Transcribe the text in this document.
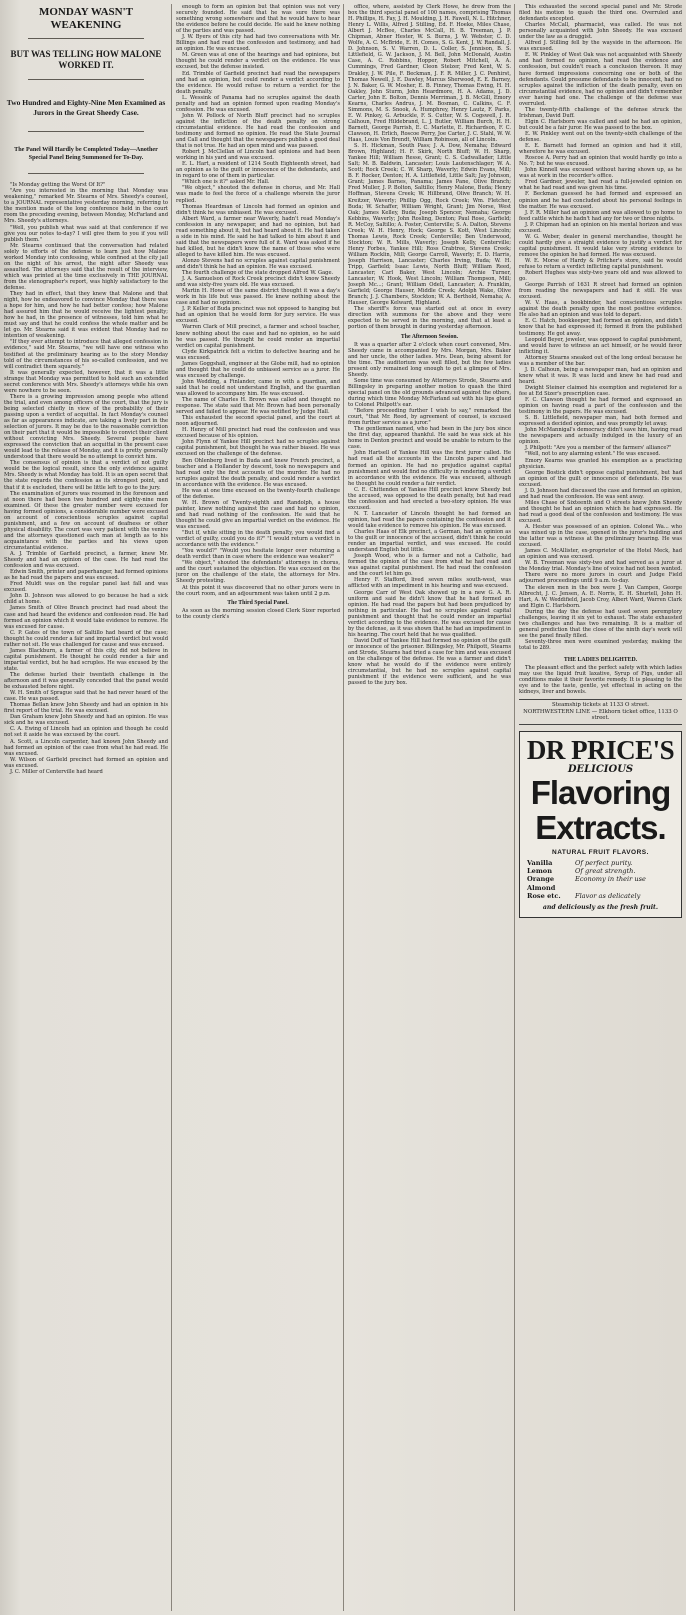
MONDAY WASN'T WEAKENING
BUT WAS TELLING HOW MALONE WORKED IT.
Two Hundred and Eighty-Nine Men Examined as Jurors in the Great Sheedy Case.
The Panel Will Hardly be Completed Today—Another Special Panel Being Summoned for To-Day.

"Is Monday getting the Worst Of It?"

"Are you interested in the morning that Monday was weakening," remarked Mr. Stearns of Mrs. Sheedy's counsel, to a JOURNAL representative yesterday morning, referring to the mention made of the long conference held in the court room the preceding evening, between Monday, McFarland and Mrs. Sheedy's attorneys.

"Well, you publish what was said at that conference if we give you our notes to-day? I will give them to you if you will publish them."

Mr. Stearns continued that the conversation had related solely to efforts of the defense to learn just how Malone worked Monday into confessing, while confined at the city jail on the night of his arrest, the night after Sheedy was assaulted. The attorneys said that the result of the interview, which was printed at the time exclusively in THE JOURNAL from the stenographer's report, was highly satisfactory to the defense.

They had in effect, that they knew that Malone and that night, how he endeavored to convince Monday that there was a hope for him, and how he had better confess; how Malone had assured him that he would receive the lightest penalty; how he had, in the presence of witnesses, told him what he must say and that he could confess the whole matter and be let go. Mr. Stearns said it was evident that Monday had no intention of weakening.

"If they ever attempt to introduce that alleged confession in evidence," said Mr. Stearns, "we will have one witness who testified at the preliminary hearing as to the story Monday told of the circumstances of his so-called confession, and we will contradict them squarely."

It was generally expected, however, that it was a little strange that Monday was permitted to hold such an extended secret conference with Mrs. Sheedy's attorneys while his own were nowhere to be seen.

There is a growing impression among people who attend the trial, and even among officers of the court, that the jury is being selected chiefly in view of the probability of their passing upon a verdict of acquittal. In fact Monday's counsel as far as appearances indicate, are taking a lively part in the selection of jurors. It may be due to the reasonable conviction on their part that it would be impossible to convict their client without convicting Mrs. Sheedy. Several people have expressed the conviction that an acquittal in the present case would lead to the release of Monday, and it is pretty generally understood that there would be no attempt to convict him.

The consensus of opinion is that a verdict of not guilty would be the logical result, since the only evidence against Mrs. Sheedy is what Monday has told. It is an open secret that the state regards the confession as its strongest point, and that if it is excluded, there will be little left to go to the jury.

The examination of jurors was resumed in the forenoon and at noon there had been two hundred and eighty-nine men examined. Of these the greater number were excused for having formed opinions, a considerable number were excused on account of conscientious scruples against capital punishment, and a few on account of deafness or other physical disability. The court was very patient with the venire and the attorneys questioned each man at length as to his acquaintance with the parties and his views upon circumstantial evidence.

A. J. Trimble of Garfield precinct, a farmer, knew Mr. Sheedy and had an opinion of the case. He had read the confession and was excused.

Edwin Smith, printer and paperhanger, had formed opinions as he had read the papers and was excused.

Fred Muldt was on the regular panel last fall and was excused.

John D. Johnson was allowed to go because he had a sick child at home.

James Smith of Olive Branch precinct had read about the case and had heard the evidence and confession read. He had formed an opinion which it would take evidence to remove. He was excused for cause.

C. P. Gates of the town of Saltillo had heard of the case; thought he could render a fair and impartial verdict but would rather not sit. He was challenged for cause and was excused.

James Blackburn, a farmer of this city, did not believe in capital punishment. He thought he could render a fair and impartial verdict, but he had scruples. He was excused by the state.

The defense hurled their twentieth challenge in the afternoon and it was generally conceded that the panel would be exhausted before night.

W. H. Smith of Sprague said that he had never heard of the case. He was passed.

Thomas Bellan knew John Sheedy and had an opinion in his first report of the trial. He was excused.

Dan Graham knew John Sheedy and had an opinion. He was sick and he was excused.

C. A. Ewing of Lincoln had an opinion and though he could not set it aside he was excused by the court.

A. Scott, a Lincoln carpenter, had known John Sheedy and had formed an opinion of the case from what he had read. He was excused.

W. Wilson of Garfield precinct had formed an opinion and was excused.

J. C. Miller of Centerville had heard

enough to form an opinion but that opinion was not very securely founded. He said that he was sure there was something wrong somewhere and that he would have to hear the evidence before he could decide. He said he knew nothing of the parties and was passed.

J. W. Byers of this city had had two conversations with Mr. Billings and had read the confession and testimony, and had an opinion. He was excused.

M. Green was at one of the hearings and had opinions, but thought he could render a verdict on the evidence. He was excused, but the defense insisted.

Ed. Trimble of Garfield precinct had read the newspapers and had an opinion, but could render a verdict according to the evidence. He would refuse to return a verdict for the death penalty.

L. Wessink of Panama had no scruples against the death penalty and had an opinion formed upon reading Monday's confession. He was excused.

John W. Pollock of North Bluff precinct had no scruples against the infliction of the death penalty on strong circumstantial evidence. He had read the confession and testimony and formed no opinion. He read the State Journal and Call and thought that the newspapers publish a good deal that is not true. He had an open mind and was passed.

Robert J. McClellan of Lincoln had opinions and had been working in his yard and was excused.

E. L. Hart, a resident of 1214 South Eighteenth street, had an opinion as to the guilt or innocence of the defendants, and in regard to one of them in particular.

"Which one is it?" asked Mr. Hall.

"We object," shouted the defense in chorus, and Mr. Hall was made to feel the force of a challenge wherein the juror replied.

Thomas Heardman of Lincoln had formed an opinion and didn't think he was unbiased. He was excused.

Albert Ward, a farmer near Waverly, hadn't read Monday's confession in any newspaper, and had no opinion, but had read something about it, but had heard about it. He had taken a side in his mind. He said he had talked to him about it and said that the newspapers were full of it. Ward was asked if he had killed, but he didn't know the name of those who were alleged to have killed him. He was excused.

Alonzo Stevens had no scruples against capital punishment and didn't think he had an opinion. He was excused.

The fourth challenge of the state dropped Alfred W. Gage.

J. A. Samuelson of Rock Creek precinct didn't know Sheedy and was sixty-five years old. He was excused.

Martin H. Howe of the same district thought it was a day's work in his life but was passed. He knew nothing about the case and had no opinion.

J. P. Keller of Buda precinct was not opposed to hanging but had an opinion that he would form for jury service. He was excused.

Warren Clark of Mill precinct, a farmer and school teacher, knew nothing about the case and had no opinion, so he said he was passed. He thought he could render an impartial verdict on capital punishment.

Clyde Kirkpatrick felt a victim to defective hearing and he was excused.

James Goggshall, engineer at the Globe mill, had no opinion and thought that he could do unbiased service as a juror. He was excused by challenge.

John Wedding, a Finlander, came in with a guardian, and said that he could not understand English, and the guardian was allowed to accompany him. He was excused.

The name of Charles H. Brown was called and thought no response. The state said that Mr. Brown had been personally served and failed to appear. He was notified by Judge Hall.

This exhausted the second special panel, and the court at noon adjourned.

H. Henry of Mill precinct had read the confession and was excused because of his opinion.

John Flynn of Yankee Hill precinct had no scruples against capital punishment, but thought he was rather biased. He was excused on the challenge of the defense.

Ben Ohlenberg lived in Buda and knew French precinct, a teacher and a Hollander by descent, took no newspapers and had read only the first accounts of the murder. He had no scruples against the death penalty, and could render a verdict in accordance with the evidence. He was excused.

He was at one time excused on the twenty-fourth challenge of the defense.

W. H. Brown of Twenty-eighth and Randolph, a house painter, knew nothing against the case and had no opinion, and had read nothing of the confession. He said that he thought he could give an impartial verdict on the evidence. He was excused.

"But if, while sitting in the death penalty, you would find a verdict of guilty, could you do it?" "I would return a verdict in accordance with the evidence."

"You would?" "Would you hesitate longer over returning a death verdict than in case where the evidence was weaker?"

"We object," shouted the defendants' attorneys in chorus, and the court sustained the objection. He was excused on the juror on the challenge of the state, the attorneys for Mrs. Sheedy protesting.

At this point it was discovered that no other jurors were in the court room, and an adjournment was taken until 2 p.m.

The Third Special Panel.

As soon as the morning session closed Clerk Sizer reported to the county clerk's

office, where, assisted by Clerk Howe, he drew from the box the third special panel of 100 names, comprising Thomas H. Phillips, H. Fay, J. H. Moulding, J. H. Fawell, N. L. Hitchner, Henry L. Willis, Alfred J. Stilling, Ed. F. Hoeke, Miles Chase, Albert J. McBee, Charles McCall, H. B. Treeman, J. P. Chipman, Abner Hester, W. S. Burns, J. W. Webster, C. D. Wolfe, A. C. McBride, E. H. Comes, S. G. Kent, J. W. Randall, J. D. Johnson, S. V. Warren, D. L. Coller, S. Jennison, B. S. Littlefield, G. W. Jackson, J. M. Bell, John McDonald, Austin Case, A. C. Robbins, Hopper, Robert Mitchell, A. A. Cummings, Fred Gardner, Cleon Stelzer, Fred Kent, W. S. Drakley, J. W. Pile, F. Beckman, J. F. R. Miller, J. C. Penhirst, Thomas Newell, J. E. Dawley, Marcus Sherwood, E. E. Barney, J. N. Baker, G. W. Mosher, E. B. Finney, Thomas Ewing, H. H. Oakley, John Sturm, John Heardmore, H. A. Adams, J. D. Carter, John E. Bolton, Dennis Merriman, J. B. McGill, Emory Kearns, Charles Andrus, J. M. Bosman, C. Calkins, C. F. Simmons, M. S. Snook, A. Humphrey, Henry Lautz, F. Parks, E. W. Pinkey, G. Arbuckle, F. S. Cutter, W. S. Cogswell, J. R. Calhoun, Fred Hildebrand, L. J. Butler, William Burch, H. H. Barnett, George Parrish, E. C. Marlette, E. Richardson, F. C. Clawson, H. Erlich, Roscoe Perry, Joe Carter, J. C. Stahl, W. W. Haas, Louis Von Brendt, William Robinson, all of Lincoln.

S. H. Hickman, South Pass; J. A. Dow, Nemaha; Edward Brown, Highland; H. F. Skirk, North Bluff; W. H. Sharp, Yankee Hill; William Resse, Grant; C. S. Cadwallader, Little Salt; M. B. Baldwin, Lancaster; Louis Lautenschlager; W. A. Scott; Rock Creek; C. W. Sharp, Waverly; Edwin Evans, Mill; B. F. Rocker, Denton; H. A. Littlefield, Little Salt; Jay Johnson, Grant; James Barnes, Panama; James Pane, Olive Branch; Fred Muller, J. P. Bolton, Saltillo; Henry Malone, Buda; Henry Hoffman, Stevens Creek; W. Hillbrand, Olive Branch; W. H. Kreitzer, Waverly; Phillip Ogg, Rock Creek; Wm. Fletcher, Buda; W. Schaffer, William Wright, Grant; Jim Norse, West Oak; James Kelley, Buda; Joseph Spencer, Nemaha; George Kebbins, Waverly; John Rosling, Denton; Paul Rose, Garfield; R. McCoy, Saltillo; A. Foster, Centerville; S. A. Dalton, Stevens Creek; W. H. Henry, Hock; George S. Kott, West Lincoln; Thomas Lewis, Rock Creek; Centerville; Ben Underwood, Stockton; W. R. Mills, Waverly; Joseph Kelly, Centerville; Henry Forbes, Yankee Hill; Ross Crabtree, Stevens Creek; William Rocklin, Mill; George Carroll, Waverly; E. D. Harris, Joseph Harrison, Lancaster; Charles Irving, Buda; W. H. Tripp, Garfield; Isaac Lewis, North Bluff; William Reed, Lancaster; Carl Baker, West Lincoln; Archie Turner, Lancaster; W. Hook, West Lincoln; William Thompson, Mill; Joseph Mc...; Grant; William Odell, Lancaster; A. Franklin, Garfield; George Hauser, Middle Creek; Adolph Wake, Olive Branch; J. J. Chambers, Stockton; W. A. Berthold, Nemaha; A. Hauser, George Kelward, Highland.

The sheriff's force was started out at once in every direction with summons for the above and they were expected to be served in the morning, and that at least a portion of them brought in during yesterday afternoon.

The Afternoon Session.

It was a quarter after 2 o'clock when court convened, Mrs. Sheedy came in accompanied by Mrs. Morgan, Mrs. Baker and her uncle, the other ladies. Mrs. Dean, being absent for the time. The auditorium was well filled, but the few ladies present only remained long enough to get a glimpse of Mrs. Sheedy.

Some time was consumed by Attorneys Strode, Stearns and Billingsley in preparing another motion to quash the third special panel on the old grounds advanced against the others, during which time Monday McFarland sat with his lips glued to Colonel Philpott's ear.

"Before proceeding further I wish to say," remarked the court, "that Mr. Reed, by agreement of counsel, is excused from further service as a juror."

The gentleman named, who had been in the jury box since the first day, appeared thankful. He said he was sick at his home in Denton precinct and would be unable to return to the case.

John Hartsell of Yankee Hill was the first juror called. He had read all the accounts in the Lincoln papers and had formed an opinion. He had no prejudice against capital punishment and would find no difficulty in rendering a verdict in accordance with the evidence. He was excused, although he thought he could render a fair verdict.

C. E. Chittenden of Yankee Hill precinct knew Sheedy but the accused, was opposed to the death penalty, but had read the confession and had erected a two-story opinion. He was excused.

N. T. Lancaster of Lincoln thought he had formed an opinion, had read the papers containing the confession and it would take evidence to remove his opinion. He was excused.

Charles Haas of Elk precinct, a German, had an opinion as to the guilt or innocence of the accused, didn't think he could render an impartial verdict, and was excused. He could understand English but little.

Joseph Wood, who is a farmer and not a Catholic, had formed the opinion of the case from what he had read and was against capital punishment. He had read the confession and the court let him go.

Henry F. Stafford, lived seven miles south-west, was afflicted with an impediment in his hearing and was excused.

George Carr of West Oak showed up in a new G. A. R. uniform and said he didn't know that he had formed an opinion. He had read the papers but had been prejudiced by nothing in particular. He had no scruples against capital punishment and thought that he could render an impartial verdict according to the evidence. He was excused for cause by the defense, as it was shown that he had an impediment in his hearing. The court held that he was qualified.

David Duff of Yankee Hill had formed no opinion of the guilt or innocence of the prisoner. Billingsley, Mr. Philpott, Stearns and Strode, Stearns had tried a case for him and was excused on the challenge of the defense. He was a farmer and didn't know what he would do if the evidence were entirely circumstantial, but he had no scruples against capital punishment if the evidence were sufficient, and he was passed to the jury box.

This exhausted the second special panel and Mr. Strode filed his motion to quash the third one. Overruled and defendants excepted.

Charles McCall, pharmacist, was called. He was not personally acquainted with John Sheedy. He was excused under the law as a druggist.

Alfred J. Stilling fell by the wayside in the afternoon. He was excused.

E. W. Pinkley of West Oak was not acquainted with Sheedy and had formed no opinion, had read the evidence and confession, but couldn't reach a conclusion thereon. It may have formed impressions concerning one or both of the defendants. Could presume defendants to be innocent, had no scruples against the infliction of the death penalty, even on circumstantial evidence, had no opinion and didn't remember ever having had one. The challenge of the defense was overruled.

The twenty-fifth challenge of the defense struck the Irishman, David Duff.

Elgin C. Harlsborn was called and said he had an opinion, but could be a fair juror. He was passed to the box.

E. W. Pinkley went out on the twenty-sixth challenge of the defense.

E. E. Barnett had formed an opinion and had it still, wherefore he was excused.

Roscoe A. Perry had an opinion that would hardly go into a No. 7; but he was excused.

John Kinnell was excused without having shown up, as he was at work in the recorder's office.

Fred Gardner, jeweler, had read a full-jeweled opinion on what he had read and was given his time.

F. Beckman guessed he had formed and expressed an opinion and he had concluded about his personal feelings in the matter. He was excused.

J. F. R. Miller had an opinion and was allowed to go home to feed cattle which he hadn't had any for two or three nights.

J. P. Chipman had an opinion on his mental horizon and was excused.

W. G. Weber, dealer in general merchandise, thought he could hardly give a straight evidence to justify a verdict for capital punishment. It would take very strong evidence to remove the opinion he had formed. He was excused.

W. E. Morse of Hardy & Pritcher's store, said he would refuse to return a verdict inflicting capital punishment.

Robert Hughes was sixty-two years old and was allowed to go.

George Parrish of 1631 R street had formed an opinion from reading the newspapers and had it still. He was excused.

W. V. Haas, a bookbinder, had conscientious scruples against the death penalty upon the most positive evidence. He also had an opinion and was told to depart.

E. C. Hatch, bookkeeper, had formed an opinion, and didn't know that he had expressed it; formed it from the published testimony. He got away.

Leopold Beyer, jeweler, was opposed to capital punishment, and would have to witness an act himself, or he would favor inflicting it.

Attorney Stearns sneaked out of the long ordeal because he was a member of the bar.

J. D. Calhoun, being a newspaper man, had an opinion and knew what it was. It was lucid and knew he had read and heard.

Dwight Steiner claimed his exemption and registered for a fee at Ed Sizer's prescription case.

F. C. Clawson thought he had formed and expressed an opinion on having read a part of the confession and the testimony in the papers. He was excused.

S. B. Littlefield, newspaper man, had both formed and expressed a decided opinion, and was promptly let away.

John McMannigal's democracy didn't save him, having read the newspapers and actually indulged in the luxury of an opinion.

J. Philpott: "Are you a member of the farmers' alliance?"

"Well, not to any alarming extent." He was excused.

Emory Kearns was granted his exemption as a practicing physician.

George Bostick didn't oppose capital punishment, but had an opinion of the guilt or innocence of defendants. He was excused.

J. D. Johnson had discussed the case and formed an opinion, and had read the confession. He was sent away.

Miles Chase of Sixteenth and O streets knew John Sheedy and thought he had an opinion which he had expressed. He had read a good deal of the confession and testimony. He was excused.

A. Hester was possessed of an opinion. Colonel Wa... who was mixed up in the case, opened in the juror's building and the latter was a witness at the preliminary hearing. He was excused.

James C. McAllister, ex-proprietor of the Hotel Meck, had an opinion and was excused.

W. B. Treeman was sixty-two and had served as a juror at the Monday trial. Monday's line of voice had not been wanted.

There were no more jurors in court and Judge Field adjourned proceedings until 9 a.m. to-day.

The eleven men in the box were J. Van Campen, George Albrecht, J. C. Jensen, A. E. Norris, E. H. Shurtell, John H. Hart, A. W. Weddifield, Jacob Croy, Albert Ward, Warren Clark and Elgin C. Harlsborn.

During the day the defense had used seven peremptory challenges, leaving it six yet to exhaust. The state exhausted two challenges and has two remaining. It is a matter of general prediction that the close of the ninth day's work will see the panel finally filled.

Seventy-three men were examined yesterday, making the total to 289.

THE LADIES DELIGHTED.

The pleasant effect and the perfect safety with which ladies may use the liquid fruit laxative, Syrup of Figs, under all conditions make it their favorite remedy. It is pleasing to the eye and to the taste, gentle, yet effectual in acting on the kidneys, liver and bowels.

Steamship tickets at 1133 O street.
NORTHWESTERN LINE — Elkhorn ticket office, 1133 O street.
DR PRICE'S
DELICIOUS
Flavoring
Extracts.
NATURAL FRUIT FLAVORS.
Vanilla	Of perfect purity.
Lemon	Of great strength.
Orange	Economy in their use
Almond
Rose etc.	Flavor as delicately
and deliciously as the fresh fruit.
